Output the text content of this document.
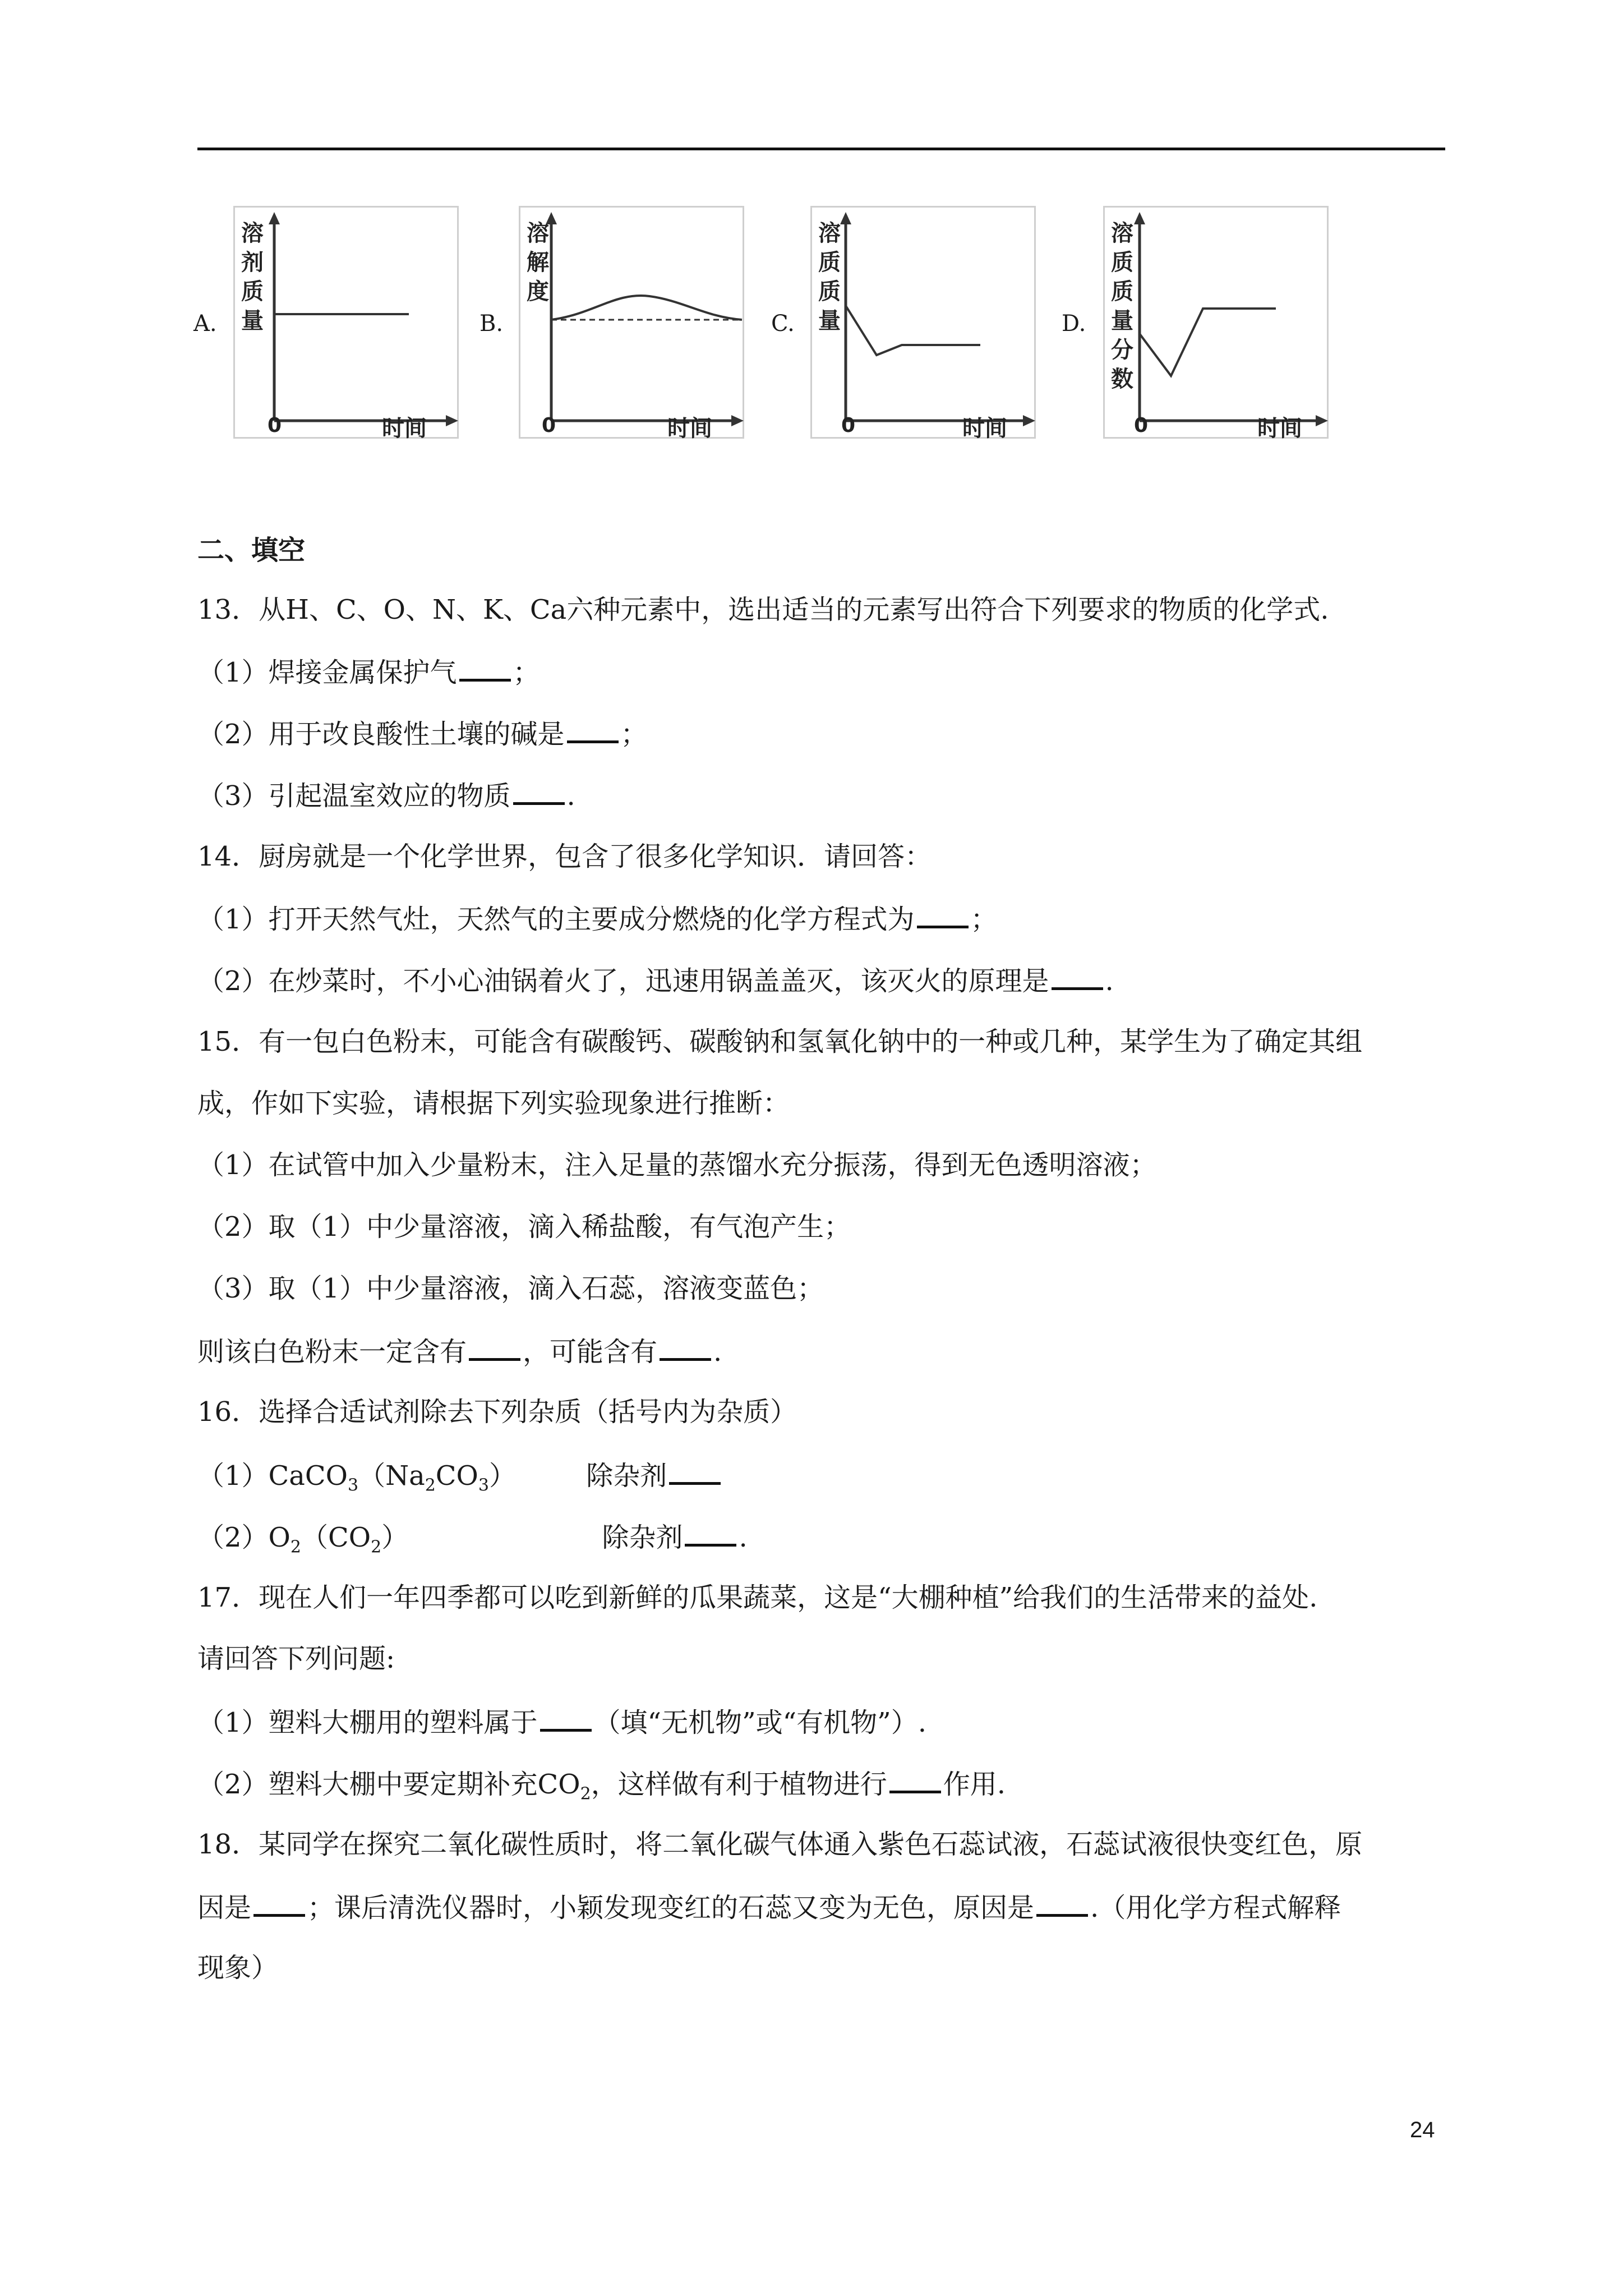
A.
溶剂质量
0	时间
B.
溶解度
0	时间
C.
溶质质量
0	时间
D.
溶质质量分数
0	时间
二、填空
13．从H、C、O、N、K、Ca六种元素中，选出适当的元素写出符合下列要求的物质的化学式.
（1）焊接金属保护气 ；
（2）用于改良酸性土壤的碱是 ；
（3）引起温室效应的物质 .
14．厨房就是一个化学世界，包含了很多化学知识．请回答：
（1）打开天然气灶，天然气的主要成分燃烧的化学方程式为 ；
（2）在炒菜时，不小心油锅着火了，迅速用锅盖盖灭，该灭火的原理是 .
15．有一包白色粉末，可能含有碳酸钙、碳酸钠和氢氧化钠中的一种或几种，某学生为了确定其组
成，作如下实验，请根据下列实验现象进行推断：
（1）在试管中加入少量粉末，注入足量的蒸馏水充分振荡，得到无色透明溶液；
（2）取（1）中少量溶液，滴入稀盐酸，有气泡产生；
（3）取（1）中少量溶液，滴入石蕊，溶液变蓝色；
则该白色粉末一定含有 ，可能含有 .
16．选择合适试剂除去下列杂质（括号内为杂质）
$(1)CaCO_3(Na_2CO_3)$	除杂剂
$(2)O_2(CO_2)$	除杂剂 .
17．现在人们一年四季都可以吃到新鲜的瓜果蔬菜，这是“大棚种植”给我们的生活带来的益处.
请回答下列问题:
（1）塑料大棚用的塑料属于 （填“无机物”或“有机物”）.
（2）塑料大棚中要定期补充$CO_2$，这样做有利于植物进行 作用.
18．某同学在探究二氧化碳性质时，将二氧化碳气体通入紫色石蕊试液，石蕊试液很快变红色，原
因是 ；课后清洗仪器时，小颖发现变红的石蕊又变为无色，原因是 .（用化学方程式解释
现象）
24
